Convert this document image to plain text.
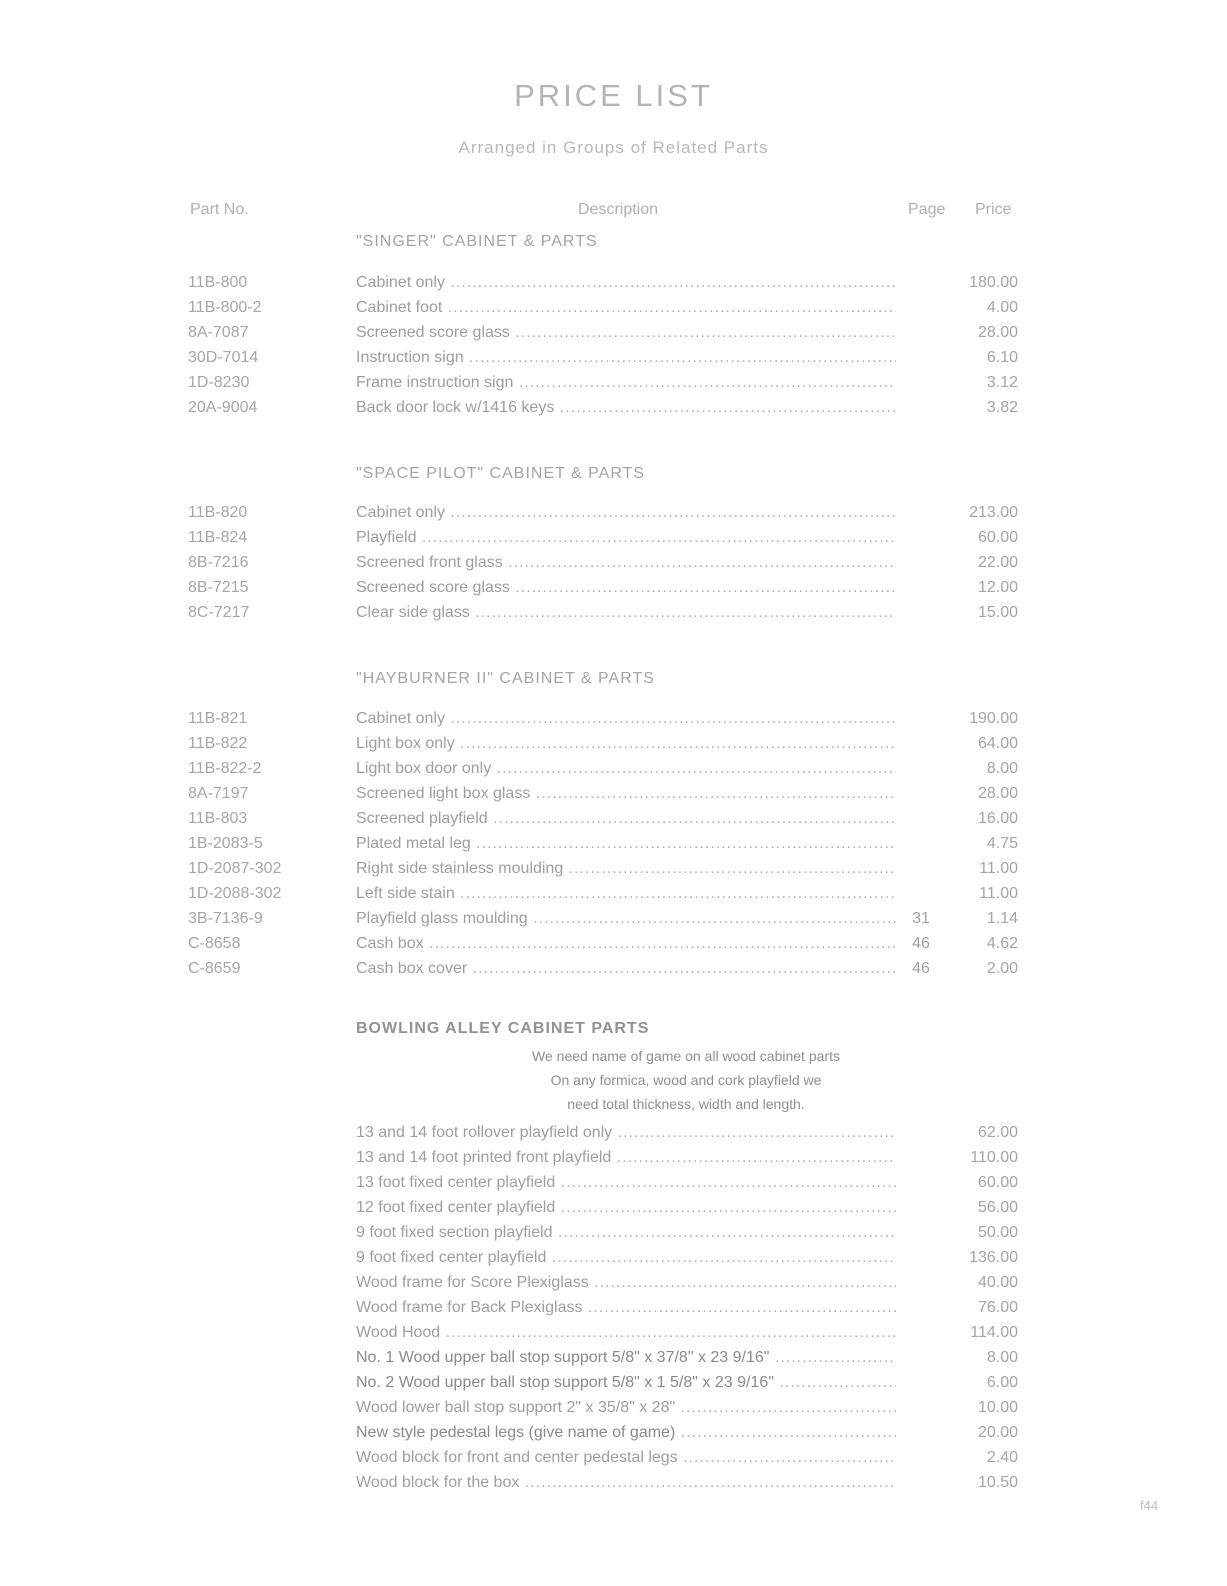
PRICE LIST
Arranged in Groups of Related Parts
Part No.	Description	Page Price
"SINGER" CABINET & PARTS
11B-800	Cabinet only .....	180.00
11B-800-2	Cabinet foot .....	4.00
8A-7087	Screened score glass .....	28.00
30D-7014	Instruction sign .....	6.10
1D-8230	Frame instruction sign .....	3.12
20A-9004	Back door lock w/1416 keys .....	3.82
"SPACE PILOT" CABINET & PARTS
11B-820	Cabinet only .....	213.00
11B-824	Playfield .....	60.00
8B-7216	Screened front glass .....	22.00
8B-7215	Screened score glass .....	12.00
8C-7217	Clear side glass .....	15.00
"HAYBURNER II" CABINET & PARTS
11B-821	Cabinet only .....	190.00
11B-822	Light box only .....	64.00
11B-822-2	Light box door only .....	8.00
8A-7197	Screened light box glass .....	28.00
11B-803	Screened playfield .....	16.00
1B-2083-5	Plated metal leg .....	4.75
1D-2087-302	Right side stainless moulding .....	11.00
1D-2088-302	Left side stain .....	11.00
3B-7136-9	Playfield glass moulding .....	31	1.14
C-8658	Cash box .....	46	4.62
C-8659	Cash box cover .....	46	2.00
BOWLING ALLEY CABINET PARTS
We need name of game on all wood cabinet parts
On any formica, wood and cork playfield we
need total thickness, width and length.
13 and 14 foot rollover playfield only .....	62.00
13 and 14 foot printed front playfield .....	110.00
13 foot fixed center playfield .....	60.00
12 foot fixed center playfield .....	56.00
9 foot fixed section playfield .....	50.00
9 foot fixed center playfield .....	136.00
Wood frame for Score Plexiglass .....	40.00
Wood frame for Back Plexiglass .....	76.00
Wood Hood .....	114.00
No. 1 Wood upper ball stop support 5/8" x 37/8" x 23 9/16" .....	8.00
No. 2 Wood upper ball stop support 5/8" x 1 5/8" x 23 9/16" .....	6.00
Wood lower ball stop support 2" x 35/8" x 28" .....	10.00
New style pedestal legs (give name of game) .....	20.00
Wood block for front and center pedestal legs .....	2.40
Wood block for the box .....	10.50
f44
